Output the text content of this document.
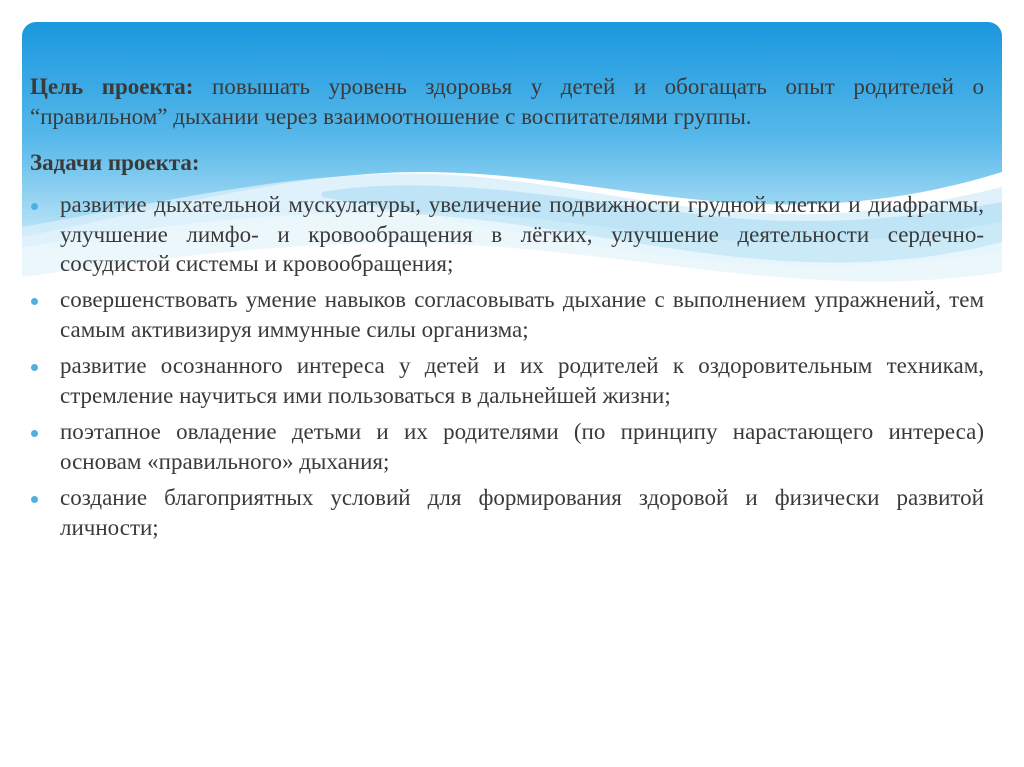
Цель проекта: повышать уровень здоровья у детей и обогащать опыт родителей о “правильном” дыхании через взаимоотношение с воспитателями группы.

Задачи проекта:
развитие дыхательной мускулатуры, увеличение подвижности грудной клетки и диафрагмы, улучшение лимфо- и кровообращения в лёгких, улучшение деятельности сердечно-сосудистой системы и кровообращения;
совершенствовать умение навыков согласовывать дыхание с выполнением упражнений, тем самым активизируя иммунные силы организма;
развитие осознанного интереса у детей и их родителей к оздоровительным техникам, стремление научиться ими пользоваться в дальнейшей жизни;
поэтапное овладение детьми и их родителями (по принципу нарастающего интереса) основам «правильного» дыхания;
создание благоприятных условий для формирования здоровой и физически развитой личности;
